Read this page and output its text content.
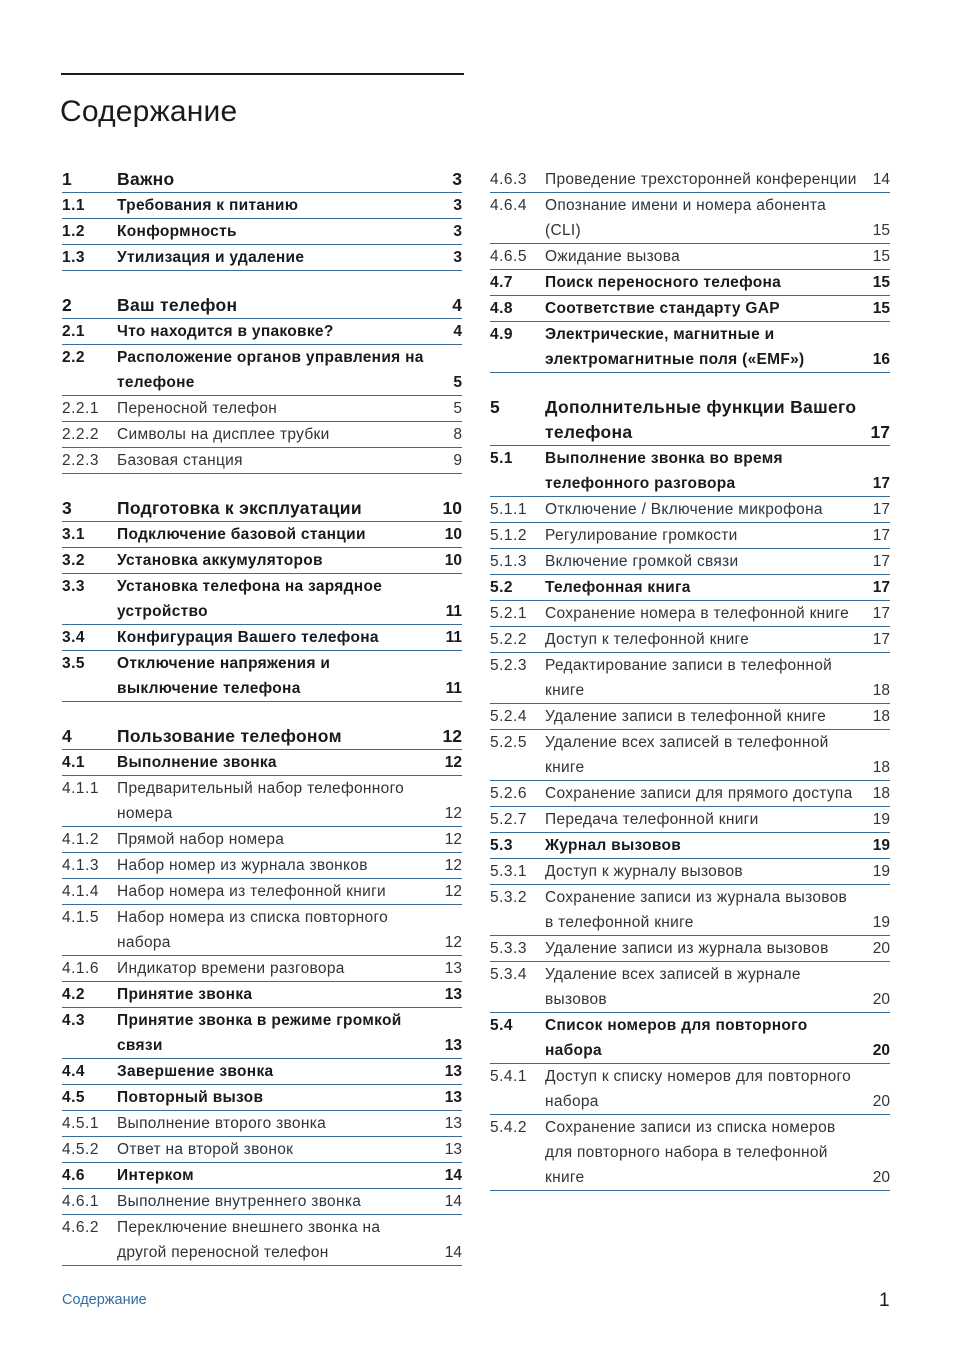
Содержание
1	Важно	3
1.1	Требования к питанию	3
1.2	Конформность	3
1.3	Утилизация и удаление	3
2	Ваш телефон	4
2.1	Что находится в упаковке?	4
2.2	Расположение органов управления на телефоне	5
2.2.1	Переносной телефон	5
2.2.2	Символы на дисплее трубки	8
2.2.3	Базовая станция	9
3	Подготовка к эксплуатации	10
3.1	Подключение базовой станции	10
3.2	Установка аккумуляторов	10
3.3	Установка телефона на зарядное устройство	11
3.4	Конфигурация Вашего телефона	11
3.5	Отключение напряжения и выключение телефона	11
4	Пользование телефоном	12
4.1	Выполнение звонка	12
4.1.1	Предварительный набор телефонного номера	12
4.1.2	Прямой набор номера	12
4.1.3	Набор номер из журнала звонков	12
4.1.4	Набор номера из телефонной книги	12
4.1.5	Набор номера из списка повторного набора	12
4.1.6	Индикатор времени разговора	13
4.2	Принятие звонка	13
4.3	Принятие звонка в режиме громкой связи	13
4.4	Завершение звонка	13
4.5	Повторный вызов	13
4.5.1	Выполнение второго звонка	13
4.5.2	Ответ на второй звонок	13
4.6	Интерком	14
4.6.1	Выполнение внутреннего звонка	14
4.6.2	Переключение внешнего звонка на другой переносной телефон	14
4.6.3	Проведение трехсторонней конференции	14
4.6.4	Опознание имени и номера абонента (CLI)	15
4.6.5	Ожидание вызова	15
4.7	Поиск переносного телефона	15
4.8	Соответствие стандарту GAP	15
4.9	Электрические, магнитные и электромагнитные поля («EMF»)	16
5	Дополнительные функции Вашего телефона	17
5.1	Выполнение звонка во время телефонного разговора	17
5.1.1	Отключение / Включение микрофона	17
5.1.2	Регулирование громкости	17
5.1.3	Включение громкой связи	17
5.2	Телефонная книга	17
5.2.1	Сохранение номера в телефонной книге	17
5.2.2	Доступ к телефонной книге	17
5.2.3	Редактирование записи в телефонной книге	18
5.2.4	Удаление записи в телефонной книге	18
5.2.5	Удаление всех записей в телефонной книге	18
5.2.6	Сохранение записи для прямого доступа	18
5.2.7	Передача телефонной книги	19
5.3	Журнал вызовов	19
5.3.1	Доступ к журналу вызовов	19
5.3.2	Сохранение записи из журнала вызовов в телефонной книге	19
5.3.3	Удаление записи из журнала вызовов	20
5.3.4	Удаление всех записей в журнале вызовов	20
5.4	Список номеров для повторного набора	20
5.4.1	Доступ к списку номеров для повторного набора	20
5.4.2	Сохранение записи из списка номеров для повторного набора в телефонной книге	20
Содержание	1
